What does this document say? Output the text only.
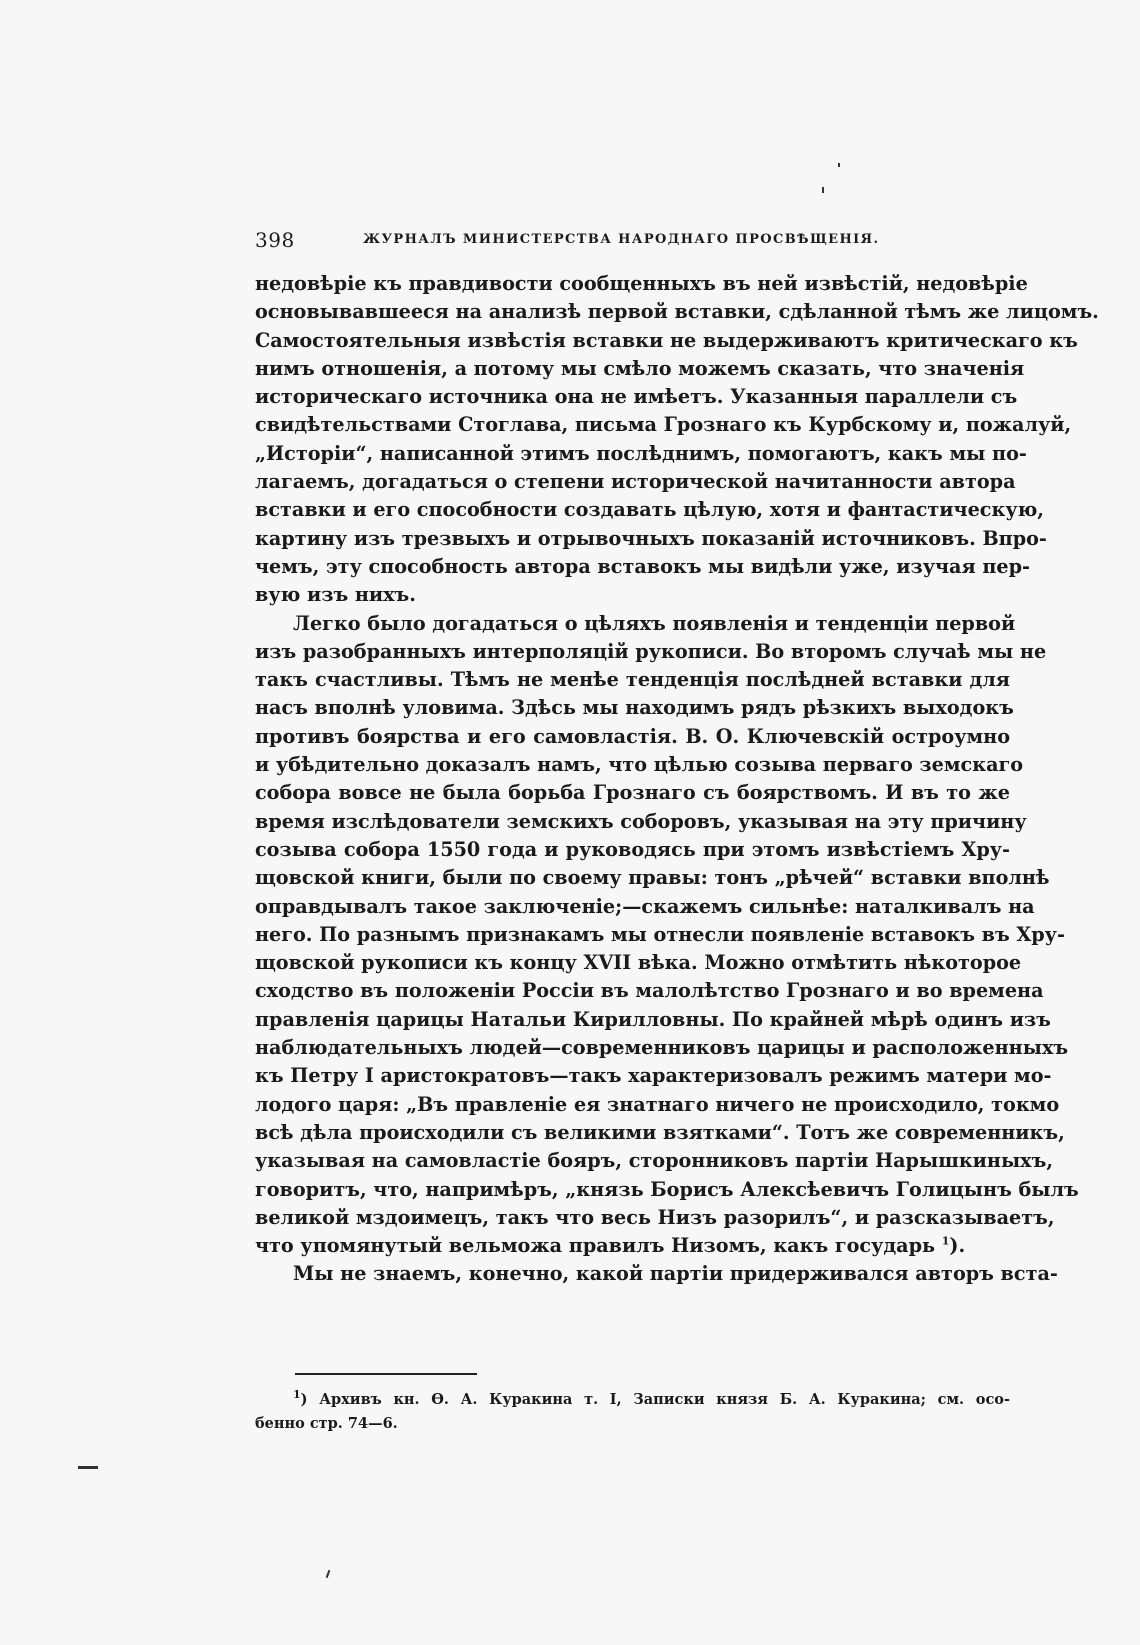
398	ЖУРНАЛЪ МИНИСТЕРСТВА НАРОДНАГО ПРОСВѢЩЕНІЯ.
недовѣріе къ правдивости сообщенныхъ въ ней извѣстій, недовѣріе
основывавшееся на анализѣ первой вставки, сдѣланной тѣмъ же лицомъ.
Самостоятельныя извѣстія вставки не выдерживаютъ критическаго къ
нимъ отношенія, а потому мы смѣло можемъ сказать, что значенія
историческаго источника она не имѣетъ. Указанныя параллели съ
свидѣтельствами Стоглава, письма Грознаго къ Курбскому и, пожалуй,
„Исторіи“, написанной этимъ послѣднимъ, помогаютъ, какъ мы по-
лагаемъ, догадаться о степени исторической начитанности автора
вставки и его способности создавать цѣлую, хотя и фантастическую,
картину изъ трезвыхъ и отрывочныхъ показаній источниковъ. Впро-
чемъ, эту способность автора вставокъ мы видѣли уже, изучая пер-
вую изъ нихъ.
Легко было догадаться о цѣляхъ появленія и тенденціи первой
изъ разобранныхъ интерполяцій рукописи. Во второмъ случаѣ мы не
такъ счастливы. Тѣмъ не менѣе тенденція послѣдней вставки для
насъ вполнѣ уловима. Здѣсь мы находимъ рядъ рѣзкихъ выходокъ
противъ боярства и его самовластія. В. О. Ключевскій остроумно
и убѣдительно доказалъ намъ, что цѣлью созыва перваго земскаго
собора вовсе не была борьба Грознаго съ боярствомъ. И въ то же
время изслѣдователи земскихъ соборовъ, указывая на эту причину
созыва собора 1550 года и руководясь при этомъ извѣстіемъ Хру-
щовской книги, были по своему правы: тонъ „рѣчей“ вставки вполнѣ
оправдывалъ такое заключеніе;—скажемъ сильнѣе: наталкивалъ на
него. По разнымъ признакамъ мы отнесли появленіе вставокъ въ Хру-
щовской рукописи къ концу XVII вѣка. Можно отмѣтить нѣкоторое
сходство въ положеніи Россіи въ малолѣтство Грознаго и во времена
правленія царицы Натальи Кирилловны. По крайней мѣрѣ одинъ изъ
наблюдательныхъ людей—современниковъ царицы и расположенныхъ
къ Петру I аристократовъ—такъ характеризовалъ режимъ матери мо-
лодого царя: „Въ правленіе ея знатнаго ничего не происходило, токмо
всѣ дѣла происходили съ великими взятками“. Тотъ же современникъ,
указывая на самовластіе бояръ, сторонниковъ партіи Нарышкиныхъ,
говоритъ, что, напримѣръ, „князь Борисъ Алексѣевичъ Голицынъ былъ
великой мздоимецъ, такъ что весь Низъ разорилъ“, и разсказываетъ,
что упомянутый вельможа правилъ Низомъ, какъ государь $^1$).
Мы не знаемъ, конечно, какой партіи придерживался авторъ вста-
$^1$) Архивъ кн. Ѳ. А. Куракина т. I, Записки князя Б. А. Куракина; см. осо-
бенно стр. 74—6.
